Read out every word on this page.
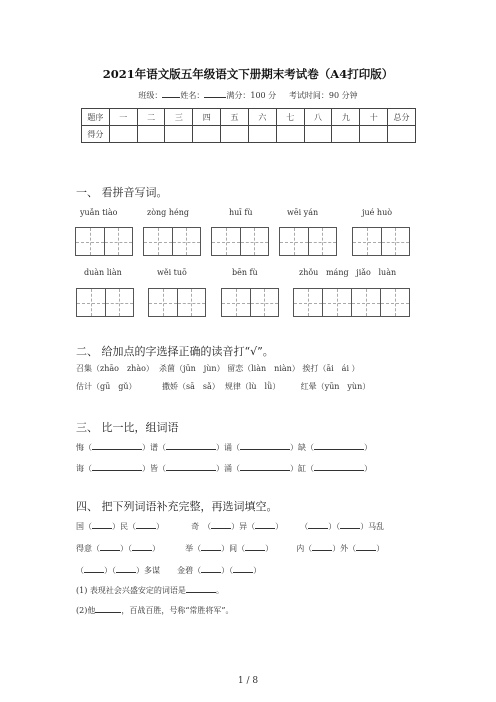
2021年语文版五年级语文下册期末考试卷（A4打印版）
班级： 姓名：	满分：100 分 考试时间：90 分钟
题序	一	二	三	四	五	六	七	八	九	十	总分
得分											
一、 看拼音写词。
yuǎn tiào	zòng héng	huī fù	wēi yán	jué huò
duàn liàn	wěi tuō	bēn fù	zhǒu   máng   jiǎo   luàn
二、 给加点的字选择正确的读音打“√”。
召集（zhāo　zhào） 杀菌（jūn　jùn） 留恋（liàn　niàn） 挨打（āi　ái ）
估计（gū　gǔ）	撒娇（sā　sǎ） 规律（lù　lǜ）	红晕（yūn　yùn）
三、 比一比，组词语
悔（	）谱（	）诵（	）缺（	）
诲（	）皆（	）涌（	）缸（	）
四、 把下列词语补充完整，再选词填空。
国（	）民（	）	奇　（	）异（	） （	）（	）马乱
得意（	）（	）	举（	）间（	）	内（	）外（	）
（	）（	）多谋 金碧（	）（	）
(1) 表现社会兴盛安定的词语是	。
(2)他	，百战百胜，号称“常胜将军”。
1 / 8
